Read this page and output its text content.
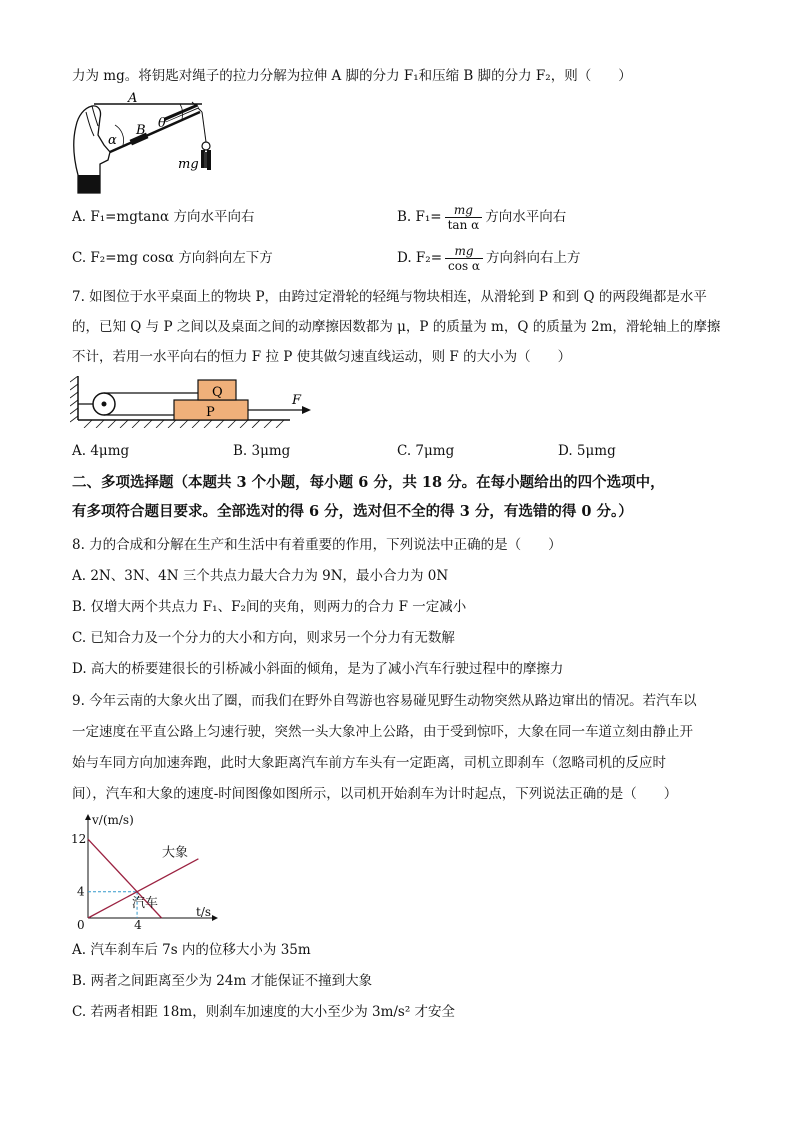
力为 mg。将钥匙对绳子的拉力分解为拉伸 A 脚的分力 F₁和压缩 B 脚的分力 F₂，则（　　）
A
B θ
α
mg
A. F₁=mgtanα 方向水平向右	B. $F_1= \frac{mg}{\text{tan α}}$ 方向水平向右
C. F₂=mg cosα 方向斜向左下方	D. $F_2= \frac{mg}{\text{cos α}}$ 方向斜向右上方
7. 如图位于水平桌面上的物块 P，由跨过定滑轮的轻绳与物块相连，从滑轮到 P 和到 Q 的两段绳都是水平
的，已知 Q 与 P 之间以及桌面之间的动摩擦因数都为 μ，P 的质量为 m，Q 的质量为 2m，滑轮轴上的摩擦
不计，若用一水平向右的恒力 F 拉 P 使其做匀速直线运动，则 F 的大小为（　　）
Q
P
F
A. 4μmg	B. 3μmg	C. 7μmg	D. 5μmg
二、多项选择题（本题共 3 个小题，每小题 6 分，共 18 分。在每小题给出的四个选项中，
有多项符合题目要求。全部选对的得 6 分，选对但不全的得 3 分，有选错的得 0 分。）
8. 力的合成和分解在生产和生活中有着重要的作用，下列说法中正确的是（　　）
A. 2N、3N、4N 三个共点力最大合力为 9N，最小合力为 0N
B. 仅增大两个共点力 F₁、F₂间的夹角，则两力的合力 F 一定减小
C. 已知合力及一个分力的大小和方向，则求另一个分力有无数解
D. 高大的桥要建很长的引桥减小斜面的倾角，是为了减小汽车行驶过程中的摩擦力
9. 今年云南的大象火出了圈，而我们在野外自驾游也容易碰见野生动物突然从路边窜出的情况。若汽车以
一定速度在平直公路上匀速行驶，突然一头大象冲上公路，由于受到惊吓，大象在同一车道立刻由静止开
始与车同方向加速奔跑，此时大象距离汽车前方车头有一定距离，司机立即刹车（忽略司机的反应时
间），汽车和大象的速度-时间图像如图所示，以司机开始刹车为计时起点，下列说法正确的是（　　）
v/(m/s)
t/s
12
4
0	4
大象
汽车
A. 汽车刹车后 7s 内的位移大小为 35m
B. 两者之间距离至少为 24m 才能保证不撞到大象
C. 若两者相距 18m，则刹车加速度的大小至少为 3m/s² 才安全
